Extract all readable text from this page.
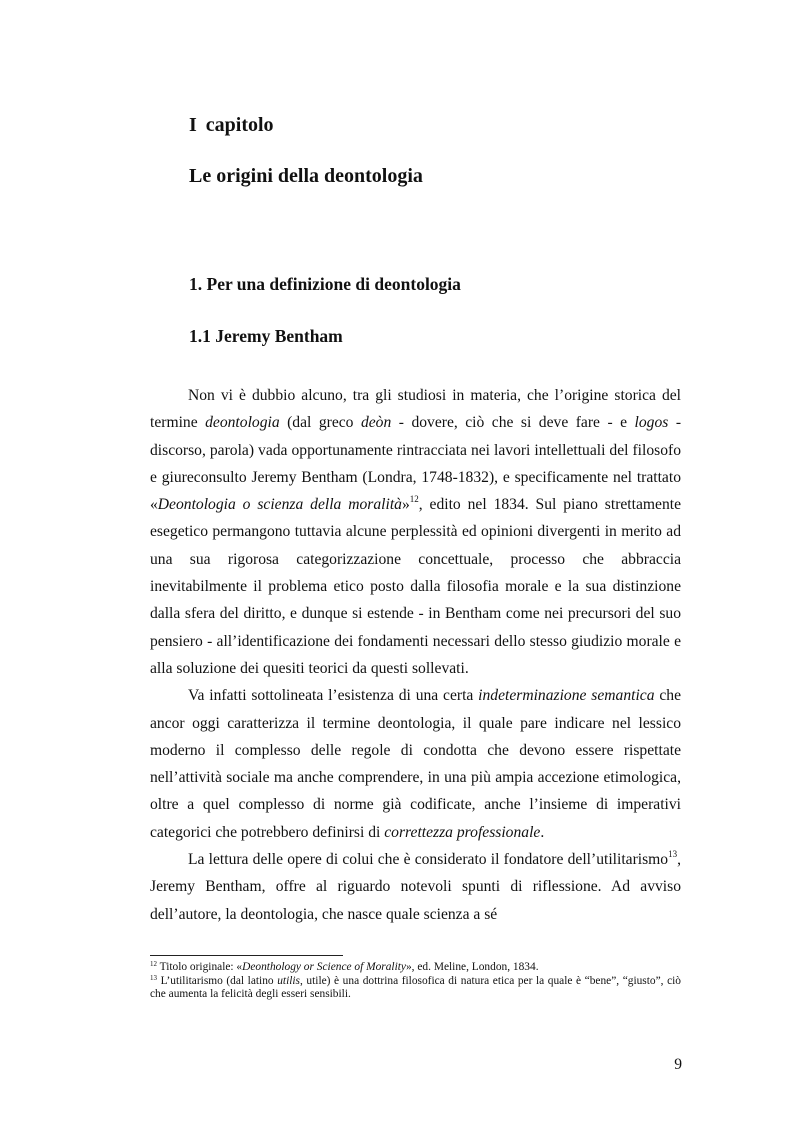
I capitolo
Le origini della deontologia
1. Per una definizione di deontologia
1.1 Jeremy Bentham

Non vi è dubbio alcuno, tra gli studiosi in materia, che l’origine storica del termine deontologia (dal greco deòn - dovere, ciò che si deve fare - e logos - discorso, parola) vada opportunamente rintracciata nei lavori intellettuali del filosofo e giureconsulto Jeremy Bentham (Londra, 1748-1832), e specificamente nel trattato «Deontologia o scienza della moralità»$^{12}$, edito nel 1834. Sul piano strettamente esegetico permangono tuttavia alcune perplessità ed opinioni divergenti in merito ad una sua rigorosa categorizzazione concettuale, processo che abbraccia inevitabilmente il problema etico posto dalla filosofia morale e la sua distinzione dalla sfera del diritto, e dunque si estende - in Bentham come nei precursori del suo pensiero - all’identificazione dei fondamenti necessari dello stesso giudizio morale e alla soluzione dei quesiti teorici da questi sollevati.

Va infatti sottolineata l’esistenza di una certa indeterminazione semantica che ancor oggi caratterizza il termine deontologia, il quale pare indicare nel lessico moderno il complesso delle regole di condotta che devono essere rispettate nell’attività sociale ma anche comprendere, in una più ampia accezione etimologica, oltre a quel complesso di norme già codificate, anche l’insieme di imperativi categorici che potrebbero definirsi di correttezza professionale.

La lettura delle opere di colui che è considerato il fondatore dell’utilitarismo$^{13}$, Jeremy Bentham, offre al riguardo notevoli spunti di riflessione. Ad avviso dell’autore, la deontologia, che nasce quale scienza a sé

$^{12}$ Titolo originale: «Deonthology or Science of Morality», ed. Meline, London, 1834.

$^{13}$ L’utilitarismo (dal latino utilis, utile) è una dottrina filosofica di natura etica per la quale è “bene”, “giusto”, ciò che aumenta la felicità degli esseri sensibili.

9
